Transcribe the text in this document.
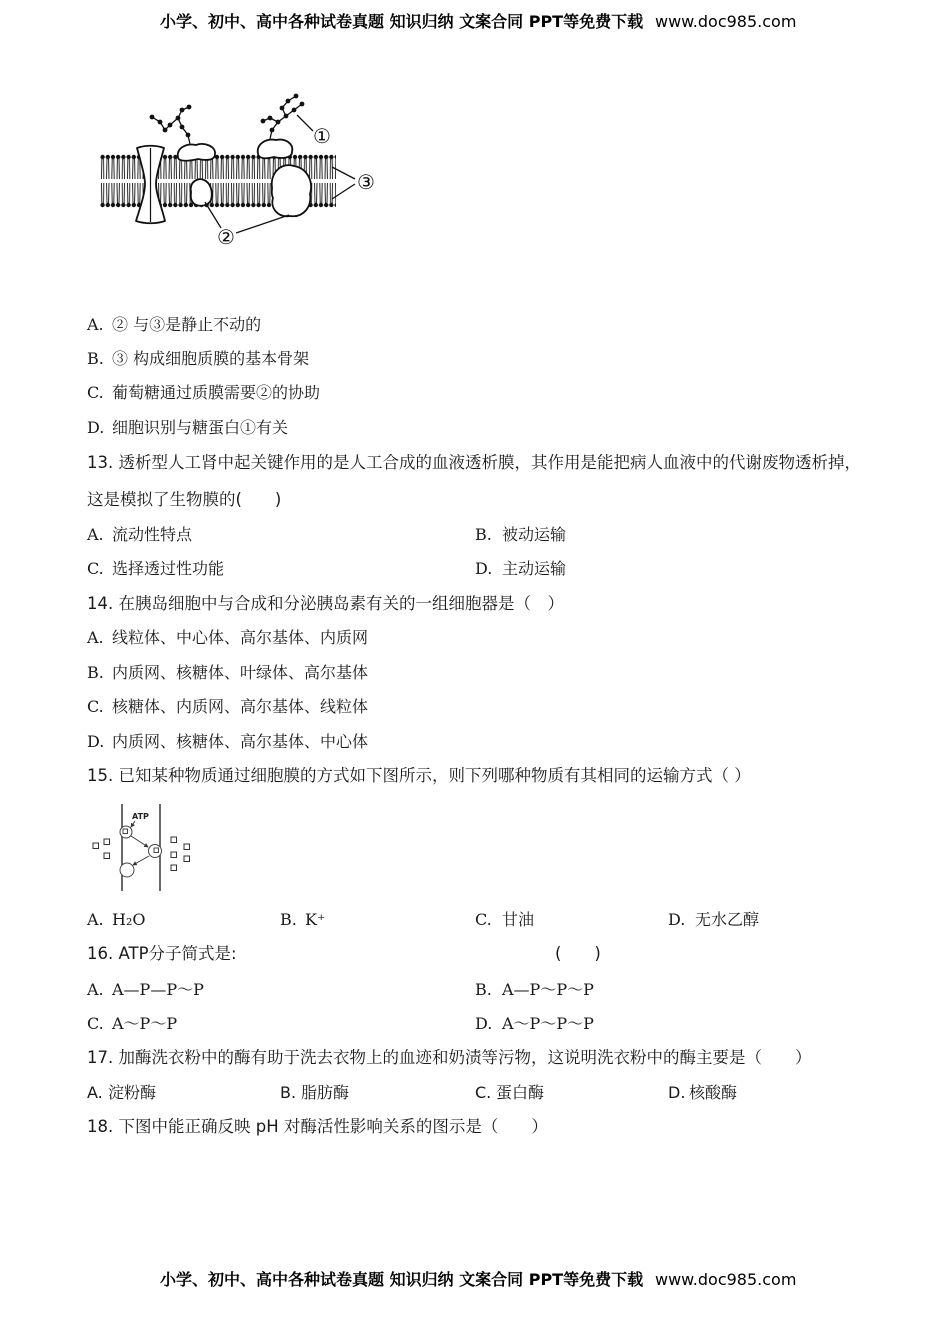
小学、初中、高中各种试卷真题 知识归纳 文案合同 PPT等免费下载 www.doc985.com
①
③
②
A. ② 与③是静止不动的
B. ③ 构成细胞质膜的基本骨架
C. 葡萄糖通过质膜需要②的协助
D. 细胞识别与糖蛋白①有关
13. 透析型人工肾中起关键作用的是人工合成的血液透析膜，其作用是能把病人血液中的代谢废物透析掉，
这是模拟了生物膜的(　　)
A. 流动性特点	B. 被动运输
C. 选择透过性功能	D. 主动运输
14. 在胰岛细胞中与合成和分泌胰岛素有关的一组细胞器是（　）
A. 线粒体、中心体、高尔基体、内质网
B. 内质网、核糖体、叶绿体、高尔基体
C. 核糖体、内质网、高尔基体、线粒体
D. 内质网、核糖体、高尔基体、中心体
15. 已知某种物质通过细胞膜的方式如下图所示，则下列哪种物质有其相同的运输方式（ ）
ATP
A. H₂O	B. K⁺	C. 甘油	D. 无水乙醇
16. ATP分子简式是:	(　　)
A. A—P—P～P	B. A—P～P～P
C. A～P～P	D. A～P～P～P
17. 加酶洗衣粉中的酶有助于洗去衣物上的血迹和奶渍等污物，这说明洗衣粉中的酶主要是（　　）
A. 淀粉酶	B. 脂肪酶	C. 蛋白酶	D. 核酸酶
18. 下图中能正确反映 pH 对酶活性影响关系的图示是（　　）
小学、初中、高中各种试卷真题 知识归纳 文案合同 PPT等免费下载 www.doc985.com
